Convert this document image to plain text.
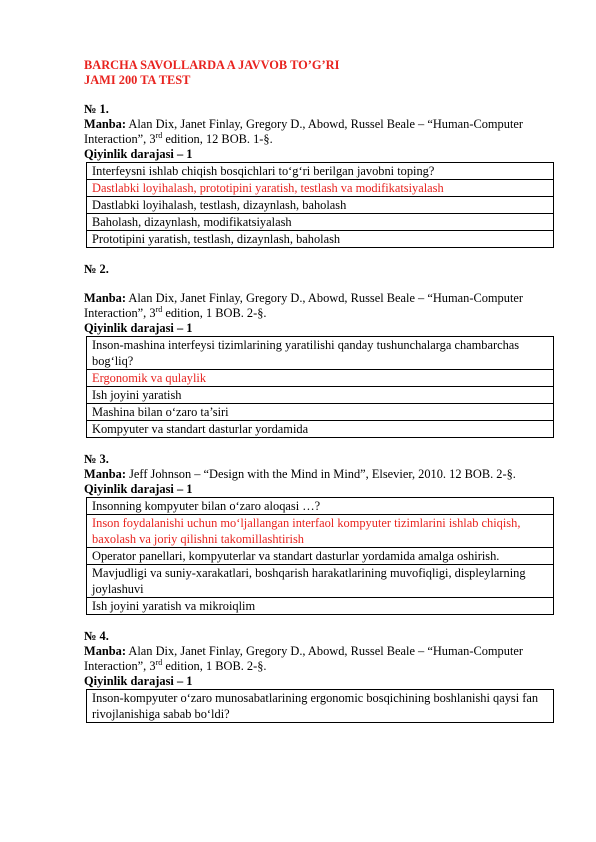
BARCHA SAVOLLARDA A JAVVOB TO’G’RI
JAMI 200 TA TEST
№ 1.
Manba: Alan Dix, Janet Finlay, Gregory D., Abowd, Russel Beale – “Human-Computer Interaction”, 3rd edition, 12 BOB. 1-§.
Qiyinlik darajasi – 1
Interfeysni ishlab chiqish bosqichlari to‘g‘ri berilgan javobni toping?
Dastlabki loyihalash, prototipini yaratish, testlash va modifikatsiyalash
Dastlabki loyihalash, testlash, dizaynlash, baholash
Baholash, dizaynlash, modifikatsiyalash
Prototipini yaratish, testlash, dizaynlash, baholash
№ 2.
Manba: Alan Dix, Janet Finlay, Gregory D., Abowd, Russel Beale – “Human-Computer Interaction”, 3rd edition, 1 BOB. 2-§.
Qiyinlik darajasi – 1
Inson-mashina interfeysi tizimlarining yaratilishi qanday tushunchalarga chambarchas bog‘liq?
Ergonomik va qulaylik
Ish joyini yaratish
Mashina bilan o‘zaro ta’siri
Kompyuter va standart dasturlar yordamida
№ 3.
Manba: Jeff Johnson – “Design with the Mind in Mind”, Elsevier, 2010. 12 BOB. 2-§.
Qiyinlik darajasi – 1
Insonning kompyuter bilan o‘zaro aloqasi …?
Inson foydalanishi uchun mo‘ljallangan interfaol kompyuter tizimlarini ishlab chiqish, baxolash va joriy qilishni takomillashtirish
Operator panellari, kompyuterlar va standart dasturlar yordamida amalga oshirish.
Mavjudligi va suniy-xarakatlari, boshqarish harakatlarining muvofiqligi, displeylarning joylashuvi
Ish joyini yaratish va mikroiqlim
№ 4.
Manba: Alan Dix, Janet Finlay, Gregory D., Abowd, Russel Beale – “Human-Computer Interaction”, 3rd edition, 1 BOB. 2-§.
Qiyinlik darajasi – 1
Inson-kompyuter o‘zaro munosabatlarining ergonomic bosqichining boshlanishi qaysi fan rivojlanishiga sabab bo‘ldi?
